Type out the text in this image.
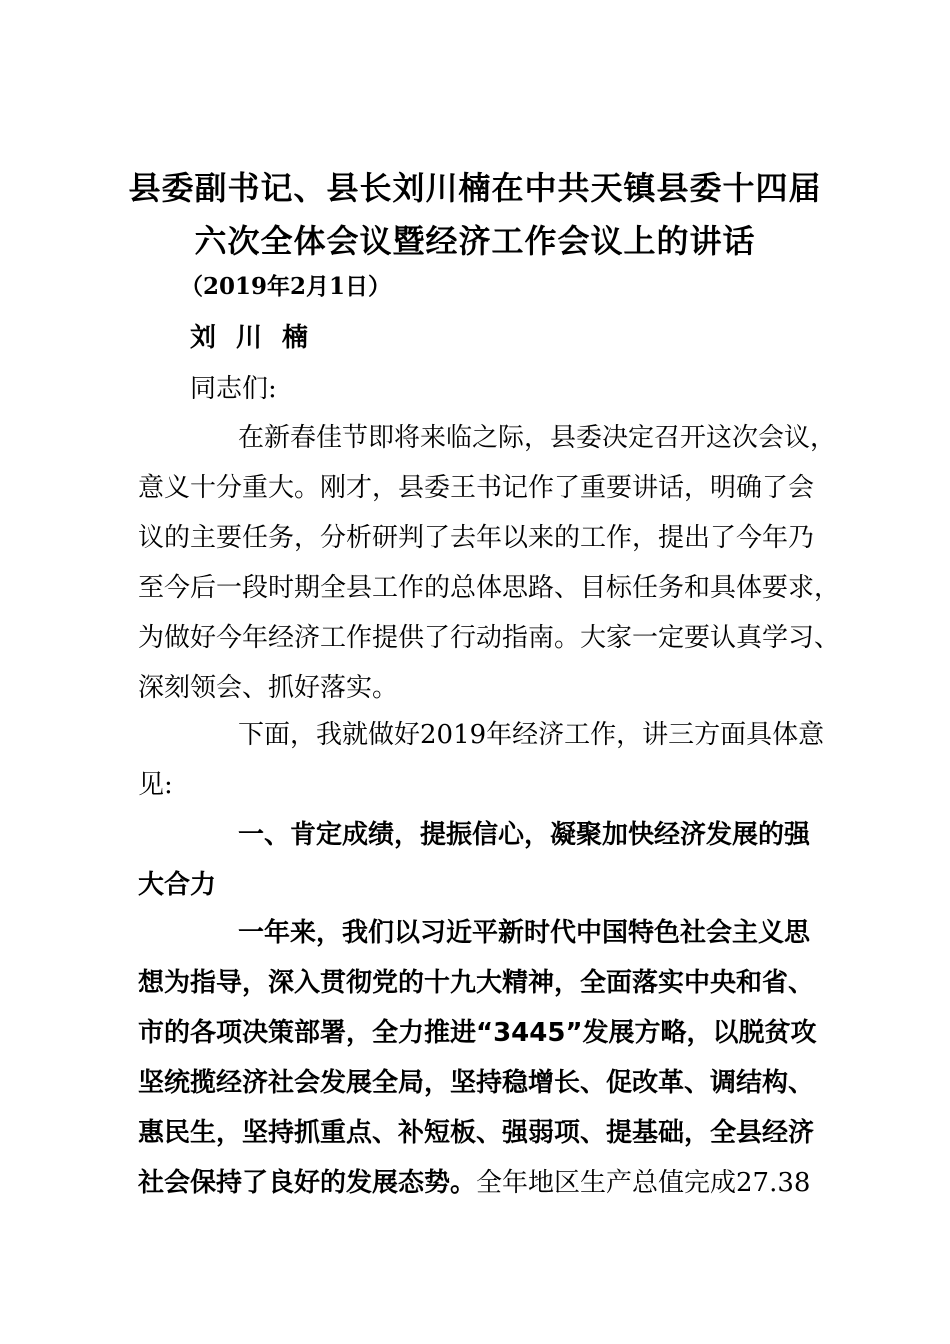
县委副书记、县长刘川楠在中共天镇县委十四届
六次全体会议暨经济工作会议上的讲话
（2019年2月1日）
刘川楠
同志们:
在新春佳节即将来临之际，县委决定召开这次会议，
意义十分重大。刚才，县委王书记作了重要讲话，明确了会
议的主要任务，分析研判了去年以来的工作，提出了今年乃
至今后一段时期全县工作的总体思路、目标任务和具体要求，
为做好今年经济工作提供了行动指南。大家一定要认真学习、
深刻领会、抓好落实。
下面，我就做好2019年经济工作，讲三方面具体意
见:
一、肯定成绩，提振信心，凝聚加快经济发展的强
大合力
一年来，我们以习近平新时代中国特色社会主义思
想为指导，深入贯彻党的十九大精神，全面落实中央和省、
市的各项决策部署，全力推进“3445”发展方略，以脱贫攻
坚统揽经济社会发展全局，坚持稳增长、促改革、调结构、
惠民生，坚持抓重点、补短板、强弱项、提基础，全县经济
社会保持了良好的发展态势。全年地区生产总值完成27.38
